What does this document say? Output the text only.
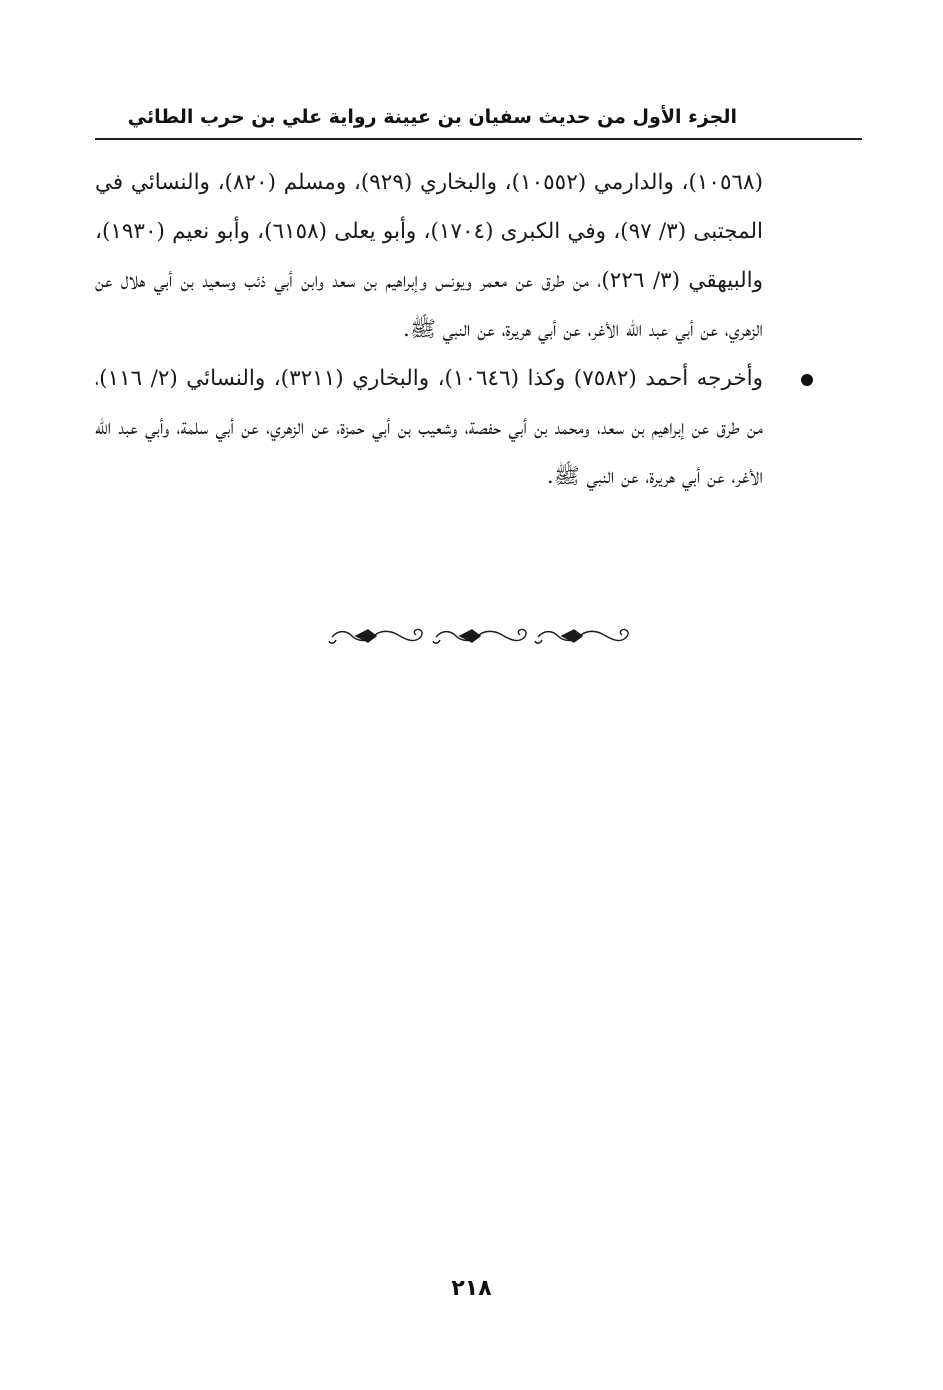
الجزء الأول من حديث سفيان بن عيينة رواية علي بن حرب الطائي

(١٠٥٦٨)، والدارمي (١٠٥٥٢)، والبخاري (٩٢٩)، ومسلم (٨٢٠)، والنسائي في المجتبى (٣/ ٩٧)، وفي الكبرى (١٧٠٤)، وأبو يعلى (٦١٥٨)، وأبو نعيم (١٩٣٠)، والبيهقي (٣/ ٢٢٦)، من طرق عن معمر ويونس وإبراهيم بن سعد وابن أبي ذئب وسعيد بن أبي هلال عن الزهري، عن أبي عبد الله الأغر، عن أبي هريرة، عن النبي ﷺ.

وأخرجه أحمد (٧٥٨٢) وكذا (١٠٦٤٦)، والبخاري (٣٢١١)، والنسائي (٢/ ١١٦)، من طرق عن إبراهيم بن سعد، ومحمد بن أبي حفصة، وشعيب بن أبي حمزة، عن الزهري، عن أبي سلمة، وأبي عبد الله الأغر، عن أبي هريرة، عن النبي ﷺ.

٢١٨
